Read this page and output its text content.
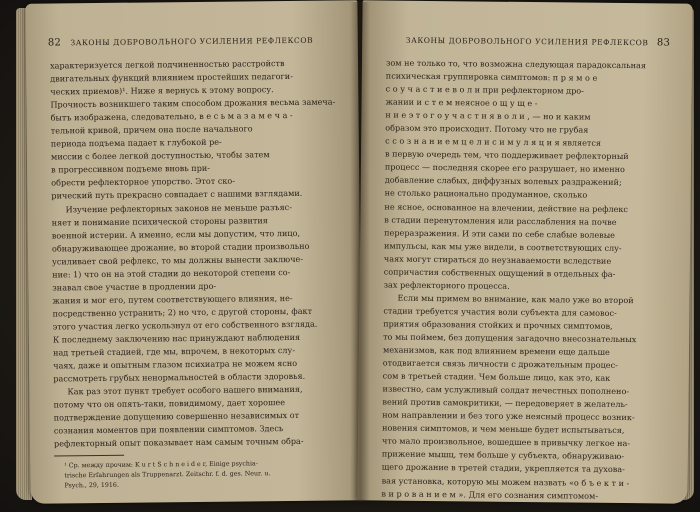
82	ЗАКОНЫ ДОБРОВОЛЬНОГО УСИЛЕНИЯ РЕФЛЕКСОВ
характеризуется легкой подчиненностью расстройств
двигательных функций влиянием простейших педагоги-
ческих приемов)¹. Ниже я вернусь к этому вопросу.
Прочность возникшего таким способом дрожания весьма замеча-
бытъ изображена, следовательно, в е с ь м а з а м е ч а -
тельной кривой, причем она после начального
периода подъема падает к глубокой ре-
миссии с более легкой доступностью, чтобы затем
в прогрессивном подъеме вновь при-
обрести рефлекторное упорство. Этот ско-
рический путь прекрасно совпадает с нашими взглядами.
Изучение рефлекторных законов не меньше разъяс-
няет и понимание психической стороны развития
военной истерии. А именно, если мы допустим, что лицо,
обнаруживающее дрожание, во второй стадии произвольно
усиливает свой рефлекс, то мы должны вынести заключе-
ние: 1) что он на этой стадии до некоторой степени со-
знавал свое участие в продлении дро-
жания и мог его, путем соответствующего влияния, не-
посредственно устранить; 2) но что, с другой стороны, факт
этого участия легко ускользнул от его собственного взгляда.
К последнему заключению нас принуждают наблюдения
над третьей стадией, где мы, впрочем, в некоторых слу-
чаях, даже и опытным глазом психиатра не можем ясно
рассмотреть грубых ненормальностей в области здоровья.
Как раз этот пункт требует особого нашего внимания,
потому что он опять-таки, повидимому, дает хорошее
подтверждение допущению совершенно независимых от
сознания моментов при появлении симптомов. Здесь
рефлекторный опыт показывает нам самым точным обра-
¹ Ср. между прочим: K u r t S c h n e i d e r, Einige psychia-
trische Erfahrungen als Truppenarzt. Zeitschr. f. d. ges. Neur. u.
Psych., 29, 1916.
ЗАКОНЫ ДОБРОВОЛЬНОГО УСИЛЕНИЯ РЕФЛЕКСОВ 83
зом не только то, что возможна следующая парадоксальная
психическая группировка симптомов: п р я м о е
с о у ч а с т и е в о л и при рефлекторном дро-
жании и с т е м неясное о щ у щ е -
н и е э т о г о у ч а с т и я в о л и , — но и каким
образом это происходит. Потому что не грубая
с с о з н а н и е м ц е л и с и м у л я ц и я является
в первую очередь тем, что поддерживает рефлекторный
процесс — последняя скорее его разрушает, но именно
добавление слабых, диффузных волевых раздражений;
не столько рационально продуманное, сколько
не ясное, основанное на влечении, действие на рефлекс
в стадии перенутомления или расслабления на почве
переразражения. И эти сами по себе слабые волевые
импульсы, как мы уже видели, в соответствующих слу-
чаях могут стираться до неузнаваемости вследствие
сопричастия собственных ощущений в отдельных фа-
зах рефлекторного процесса.
Если мы примем во внимание, как мало уже во второй
стадии требуется участия воли субъекта для самовос-
приятия образования стойких и прочных симптомов,
то мы поймем, без допущения загадочно внесознательных
механизмов, как под влиянием времени еще дальше
отодвигается связь личности с дрожательным процес-
сом в третьей стадии. Чем больше лицо, как это, как
известно, сам услужливый солдат нечестных пополнено-
вений против самокритики, — передоверяет в желатель-
ном направлении и без того уже неясный процесс возник-
новения симптомов, и чем меньше будет испытываться,
что мало произвольное, вошедшее в привычку легкое на-
прижение мышц, тем больше у субъекта, обнаруживаю-
щего дрожание в третей стадии, укрепляется та духова-
вая установка, которую мы можем назвать «о б ъ е к т и -
в и р о в а н и е м ». Для его сознания симптомом-
